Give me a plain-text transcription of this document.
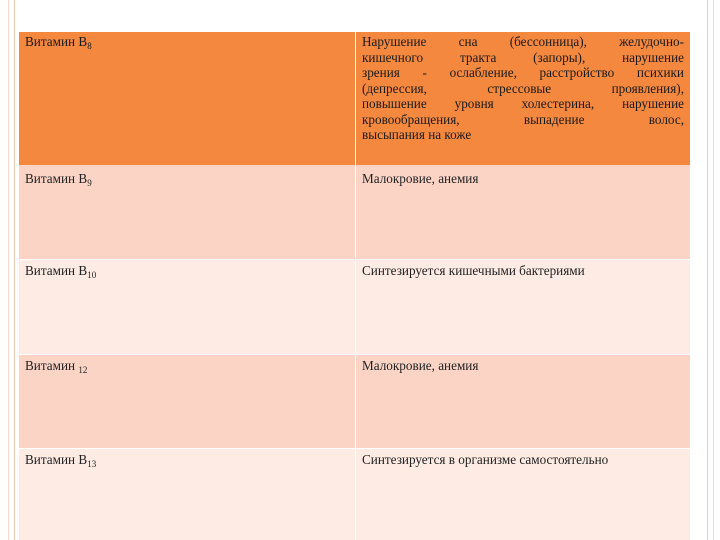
Витамин $В_8$	Нарушение сна (бессонница), желудочно-
кишечного тракта (запоры), нарушение
зрения - ослабление, расстройство психики
(депрессия, стрессовые проявления),
повышение уровня холестерина, нарушение
кровообращения, выпадение волос,
высыпания на коже
Витамин $В_9$	Малокровие, анемия
Витамин $В_{10}$	Синтезируется кишечными бактериями
Витамин $_{12}$	Малокровие, анемия
Витамин $В_{13}$	Синтезируется в организме самостоятельно
